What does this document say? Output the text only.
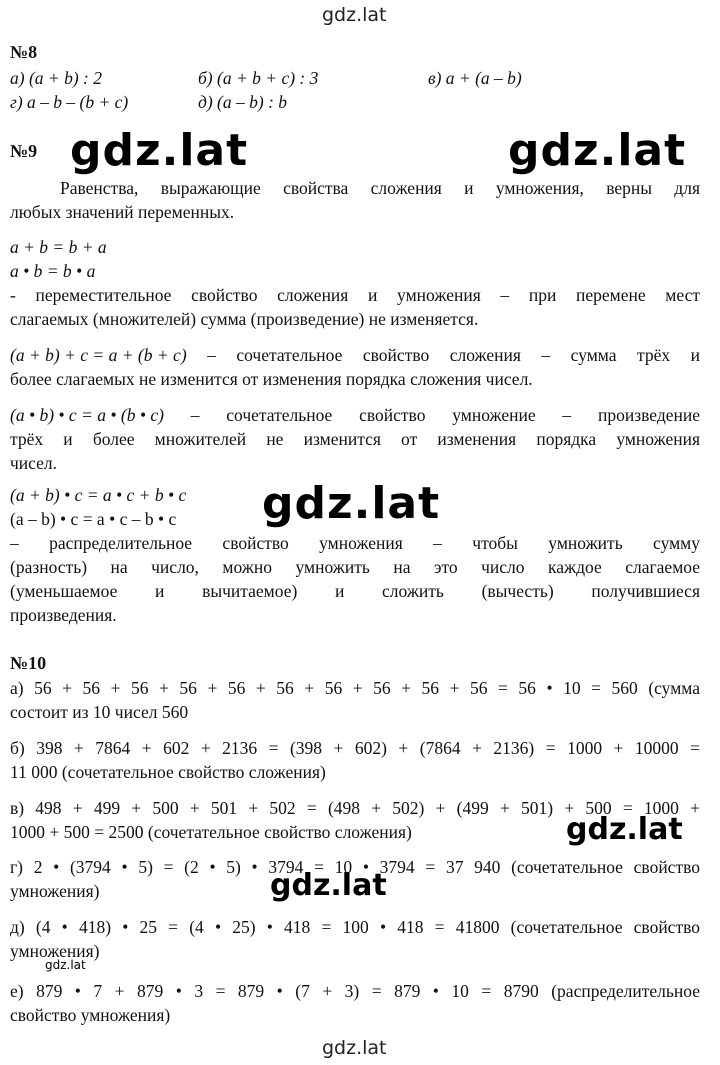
gdz.lat
gdz.lat	gdz.lat
gdz.lat
gdz.lat
gdz.lat
gdz.lat
gdz.lat
№8
а) (a + b) : 2	б) (a + b + c) : 3	в) a + (a – b)
г) a – b – (b + c)	д) (a – b) : b
№9
Равенства, выражающие свойства сложения и умножения, верны для
любых значений переменных.
a + b = b + a
a • b = b • a
- переместительное свойство сложения и умножения – при перемене мест
слагаемых (множителей) сумма (произведение) не изменяется.
(a + b) + c = a + (b + c) – сочетательное свойство сложения – сумма трёх и
более слагаемых не изменится от изменения порядка сложения чисел.
(a • b) • c = a • (b • c) – сочетательное свойство умножение – произведение
трёх и более множителей не изменится от изменения порядка умножения
чисел.
(a + b) • c = a • c + b • c
(a – b) • c = a • c – b • c
– распределительное свойство умножения – чтобы умножить сумму
(разность) на число, можно умножить на это число каждое слагаемое
(уменьшаемое и вычитаемое) и сложить (вычесть) получившиеся
произведения.
№10
а) 56 + 56 + 56 + 56 + 56 + 56 + 56 + 56 + 56 + 56 = 56 • 10 = 560 (сумма
состоит из 10 чисел 560
б) 398 + 7864 + 602 + 2136 = (398 + 602) + (7864 + 2136) = 1000 + 10000 =
11 000 (сочетательное свойство сложения)
в) 498 + 499 + 500 + 501 + 502 = (498 + 502) + (499 + 501) + 500 = 1000 +
1000 + 500 = 2500 (сочетательное свойство сложения)
г) 2 • (3794 • 5) = (2 • 5) • 3794 = 10 • 3794 = 37 940 (сочетательное свойство
умножения)
д) (4 • 418) • 25 = (4 • 25) • 418 = 100 • 418 = 41800 (сочетательное свойство
умножения)
е) 879 • 7 + 879 • 3 = 879 • (7 + 3) = 879 • 10 = 8790 (распределительное
свойство умножения)
